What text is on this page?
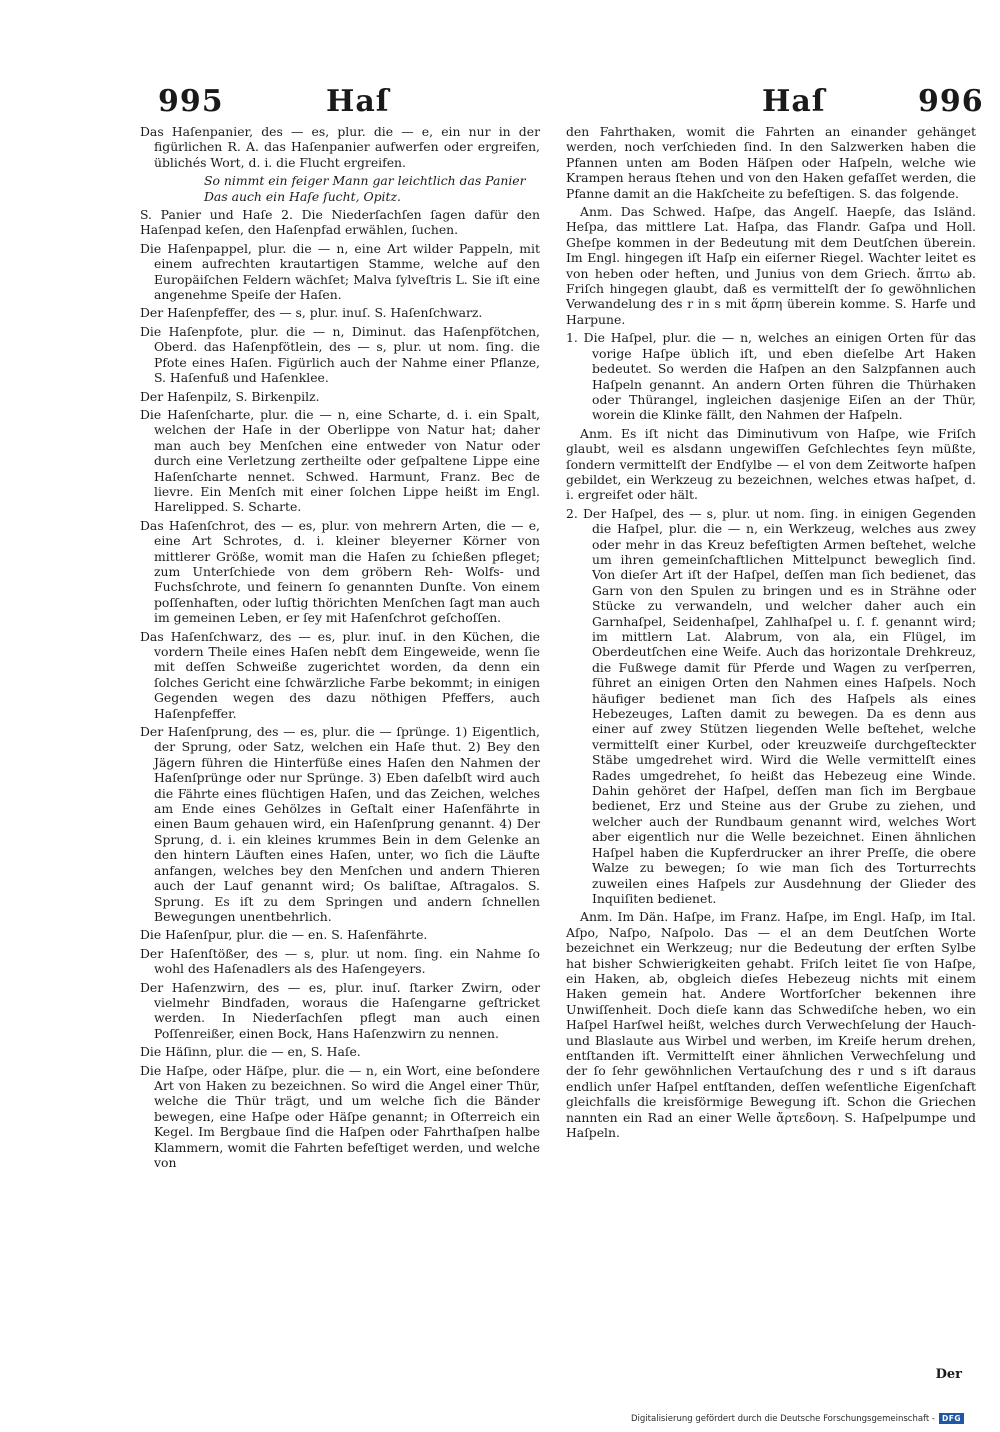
995	Haſ	Haſ	996

Das Haſenpanier, des — es, plur. die — e, ein nur in der figürlichen R. A. das Haſenpanier aufwerfen oder ergreifen, üblichés Wort, d. i. die Flucht ergreifen.

So nimmt ein feiger Mann gar leichtlich das Panier

Das auch ein Haſe ſucht, Opitz.

S. Panier und Haſe 2. Die Niederſachſen ſagen dafür den Haſenpad keſen, den Haſenpfad erwählen, ſuchen.

Die Haſenpappel, plur. die — n, eine Art wilder Pappeln, mit einem aufrechten krautartigen Stamme, welche auf den Europäiſchen Feldern wächſet; Malva ſylveſtris L. Sie iſt eine angenehme Speiſe der Haſen.

Der Haſenpfeffer, des — s, plur. inuſ. S. Haſenſchwarz.

Die Haſenpfote, plur. die — n, Diminut. das Haſenpfötchen, Oberd. das Haſenpfötlein, des — s, plur. ut nom. ſing. die Pfote eines Haſen. Figürlich auch der Nahme einer Pflanze, S. Haſenfuß und Haſenklee.

Der Haſenpilz, S. Birkenpilz.

Die Haſenſcharte, plur. die — n, eine Scharte, d. i. ein Spalt, welchen der Haſe in der Oberlippe von Natur hat; daher man auch bey Menſchen eine entweder von Natur oder durch eine Verletzung zertheilte oder geſpaltene Lippe eine Haſenſcharte nennet. Schwed. Harmunt, Franz. Bec de lievre. Ein Menſch mit einer ſolchen Lippe heißt im Engl. Harelipped. S. Scharte.

Das Haſenſchrot, des — es, plur. von mehrern Arten, die — e, eine Art Schrotes, d. i. kleiner bleyerner Körner von mittlerer Größe, womit man die Haſen zu ſchießen pfleget; zum Unterſchiede von dem gröbern Reh- Wolfs- und Fuchsſchrote, und feinern ſo genannten Dunſte. Von einem poſſenhaften, oder luſtig thörichten Menſchen ſagt man auch im gemeinen Leben, er ſey mit Haſenſchrot geſchoſſen.

Das Haſenſchwarz, des — es, plur. inuſ. in den Küchen, die vordern Theile eines Haſen nebſt dem Eingeweide, wenn ſie mit deſſen Schweiße zugerichtet worden, da denn ein ſolches Gericht eine ſchwärzliche Farbe bekommt; in einigen Gegenden wegen des dazu nöthigen Pfeffers, auch Haſenpfeffer.

Der Haſenſprung, des — es, plur. die — ſprünge. 1) Eigentlich, der Sprung, oder Satz, welchen ein Haſe thut. 2) Bey den Jägern führen die Hinterfüße eines Haſen den Nahmen der Haſenſprünge oder nur Sprünge. 3) Eben daſelbſt wird auch die Fährte eines flüchtigen Haſen, und das Zeichen, welches am Ende eines Gehölzes in Geſtalt einer Haſenfährte in einen Baum gehauen wird, ein Haſenſprung genannt. 4) Der Sprung, d. i. ein kleines krummes Bein in dem Gelenke an den hintern Läuften eines Haſen, unter, wo ſich die Läufte anfangen, welches bey den Menſchen und andern Thieren auch der Lauf genannt wird; Os baliſtae, Aſtragalos. S. Sprung. Es iſt zu dem Springen und andern ſchnellen Bewegungen unentbehrlich.

Die Haſenſpur, plur. die — en. S. Haſenfährte.

Der Haſenſtößer, des — s, plur. ut nom. ſing. ein Nahme ſo wohl des Haſenadlers als des Haſengeyers.

Der Haſenzwirn, des — es, plur. inuſ. ſtarker Zwirn, oder vielmehr Bindfaden, woraus die Haſengarne geſtricket werden. In Niederſachſen pflegt man auch einen Poſſenreißer, einen Bock, Hans Haſenzwirn zu nennen.

Die Häſinn, plur. die — en, S. Haſe.

Die Haſpe, oder Häſpe, plur. die — n, ein Wort, eine beſondere Art von Haken zu bezeichnen. So wird die Angel einer Thür, welche die Thür trägt, und um welche ſich die Bänder bewegen, eine Haſpe oder Häſpe genannt; in Oſterreich ein Kegel. Im Bergbaue ſind die Haſpen oder Fahrthaſpen halbe Klammern, womit die Fahrten befeſtiget werden, und welche von

den Fahrthaken, womit die Fahrten an einander gehänget werden, noch verſchieden ſind. In den Salzwerken haben die Pfannen unten am Boden Häſpen oder Haſpeln, welche wie Krampen heraus ſtehen und von den Haken gefaſſet werden, die Pfanne damit an die Hakſcheite zu befeſtigen. S. das folgende.

Anm. Das Schwed. Haſpe, das Angelſ. Haepſe, das Isländ. Heſpa, das mittlere Lat. Haſpa, das Flandr. Gaſpa und Holl. Gheſpe kommen in der Bedeutung mit dem Deutſchen überein. Im Engl. hingegen iſt Haſp ein eiſerner Riegel. Wachter leitet es von heben oder heften, und Junius von dem Griech. ἅπτω ab. Friſch hingegen glaubt, daß es vermittelſt der ſo gewöhnlichen Verwandelung des r in s mit ἅρπη überein komme. S. Harfe und Harpune.

1. Die Haſpel, plur. die — n, welches an einigen Orten für das vorige Haſpe üblich iſt, und eben dieſelbe Art Haken bedeutet. So werden die Haſpen an den Salzpfannen auch Haſpeln genannt. An andern Orten führen die Thürhaken oder Thürangel, ingleichen dasjenige Eiſen an der Thür, worein die Klinke fällt, den Nahmen der Haſpeln.

Anm. Es iſt nicht das Diminutivum von Haſpe, wie Friſch glaubt, weil es alsdann ungewiſſen Geſchlechtes ſeyn müßte, ſondern vermittelſt der Endſylbe — el von dem Zeitworte haſpen gebildet, ein Werkzeug zu bezeichnen, welches etwas haſpet, d. i. ergreifet oder hält.

2. Der Haſpel, des — s, plur. ut nom. ſing. in einigen Gegenden die Haſpel, plur. die — n, ein Werkzeug, welches aus zwey oder mehr in das Kreuz befeſtigten Armen beſtehet, welche um ihren gemeinſchaftlichen Mittelpunct beweglich ſind. Von dieſer Art iſt der Haſpel, deſſen man ſich bedienet, das Garn von den Spulen zu bringen und es in Strähne oder Stücke zu verwandeln, und welcher daher auch ein Garnhaſpel, Seidenhaſpel, Zahlhaſpel u. ſ. f. genannt wird; im mittlern Lat. Alabrum, von ala, ein Flügel, im Oberdeutſchen eine Weife. Auch das horizontale Drehkreuz, die Fußwege damit für Pferde und Wagen zu verſperren, führet an einigen Orten den Nahmen eines Haſpels. Noch häufiger bedienet man ſich des Haſpels als eines Hebezeuges, Laſten damit zu bewegen. Da es denn aus einer auf zwey Stützen liegenden Welle beſtehet, welche vermittelſt einer Kurbel, oder kreuzweiſe durchgeſteckter Stäbe umgedrehet wird. Wird die Welle vermittelſt eines Rades umgedrehet, ſo heißt das Hebezeug eine Winde. Dahin gehöret der Haſpel, deſſen man ſich im Bergbaue bedienet, Erz und Steine aus der Grube zu ziehen, und welcher auch der Rundbaum genannt wird, welches Wort aber eigentlich nur die Welle bezeichnet. Einen ähnlichen Haſpel haben die Kupferdrucker an ihrer Preſſe, die obere Walze zu bewegen; ſo wie man ſich des Torturrechts zuweilen eines Haſpels zur Ausdehnung der Glieder des Inquiſiten bedienet.

Anm. Im Dän. Haſpe, im Franz. Haſpe, im Engl. Haſp, im Ital. Aſpo, Naſpo, Naſpolo. Das — el an dem Deutſchen Worte bezeichnet ein Werkzeug; nur die Bedeutung der erſten Sylbe hat bisher Schwierigkeiten gehabt. Friſch leitet ſie von Haſpe, ein Haken, ab, obgleich dieſes Hebezeug nichts mit einem Haken gemein hat. Andere Wortforſcher bekennen ihre Unwiſſenheit. Doch dieſe kann das Schwediſche heben, wo ein Haſpel Harſwel heißt, welches durch Verwechſelung der Hauch- und Blaslaute aus Wirbel und werben, im Kreiſe herum drehen, entſtanden iſt. Vermittelſt einer ähnlichen Verwechſelung und der ſo ſehr gewöhnlichen Vertauſchung des r und s iſt daraus endlich unſer Haſpel entſtanden, deſſen weſentliche Eigenſchaft gleichfalls die kreisförmige Bewegung iſt. Schon die Griechen nannten ein Rad an einer Welle ἄρτεδονη. S. Haſpelpumpe und Haſpeln.

Der
Digitalisierung gefördert durch die Deutsche Forschungsgemeinschaft - DFG
